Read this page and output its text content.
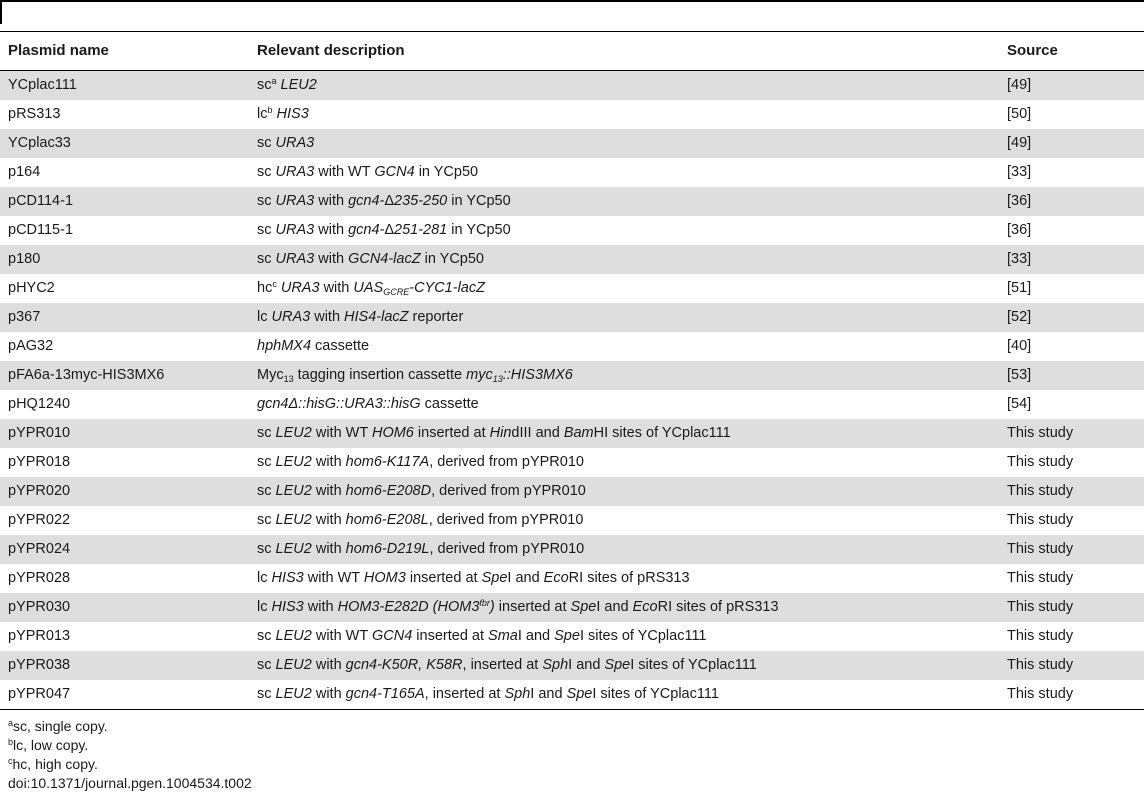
Plasmid name	Relevant description	Source
YCplac111	$sc^a$ LEU2	[49]
pRS313	$lc^b$ HIS3	[50]
YCplac33	sc URA3	[49]
p164	sc URA3 with WT GCN4 in YCp50	[33]
pCD114-1	sc URA3 with gcn4-Δ235-250 in YCp50	[36]
pCD115-1	sc URA3 with gcn4-Δ251-281 in YCp50	[36]
p180	sc URA3 with GCN4-lacZ in YCp50	[33]
pHYC2	$hc^c$ URA3 with $UAS_{GCRE}-CYC1$-lacZ	[51]
p367	lc URA3 with HIS4-lacZ reporter	[52]
pAG32	hphMX4 cassette	[40]
pFA6a-13myc-HIS3MX6	Myc$_{13}$ tagging insertion cassette myc$_{13}$::HIS3MX6	[53]
pHQ1240	gcn4Δ::hisG::URA3::hisG cassette	[54]
pYPR010	sc LEU2 with WT HOM6 inserted at HindIII and BamHI sites of YCplac111	This study
pYPR018	sc LEU2 with hom6-K117A, derived from pYPR010	This study
pYPR020	sc LEU2 with hom6-E208D, derived from pYPR010	This study
pYPR022	sc LEU2 with hom6-E208L, derived from pYPR010	This study
pYPR024	sc LEU2 with hom6-D219L, derived from pYPR010	This study
pYPR028	lc HIS3 with WT HOM3 inserted at SpeI and EcoRI sites of pRS313	This study
pYPR030	lc HIS3 with HOM3-E282D $(HOM3^{fbr})$ inserted at SpeI and EcoRI sites of pRS313	This study
pYPR013	sc LEU2 with WT GCN4 inserted at SmaI and SpeI sites of YCplac111	This study
pYPR038	sc LEU2 with gcn4-K50R, K58R, inserted at SphI and SpeI sites of YCplac111	This study
pYPR047	sc LEU2 with gcn4-T165A, inserted at SphI and SpeI sites of YCplac111	This study
$^a$sc, single copy.
$^b$lc, low copy.
$^c$hc, high copy.
doi:10.1371/journal.pgen.1004534.t002
